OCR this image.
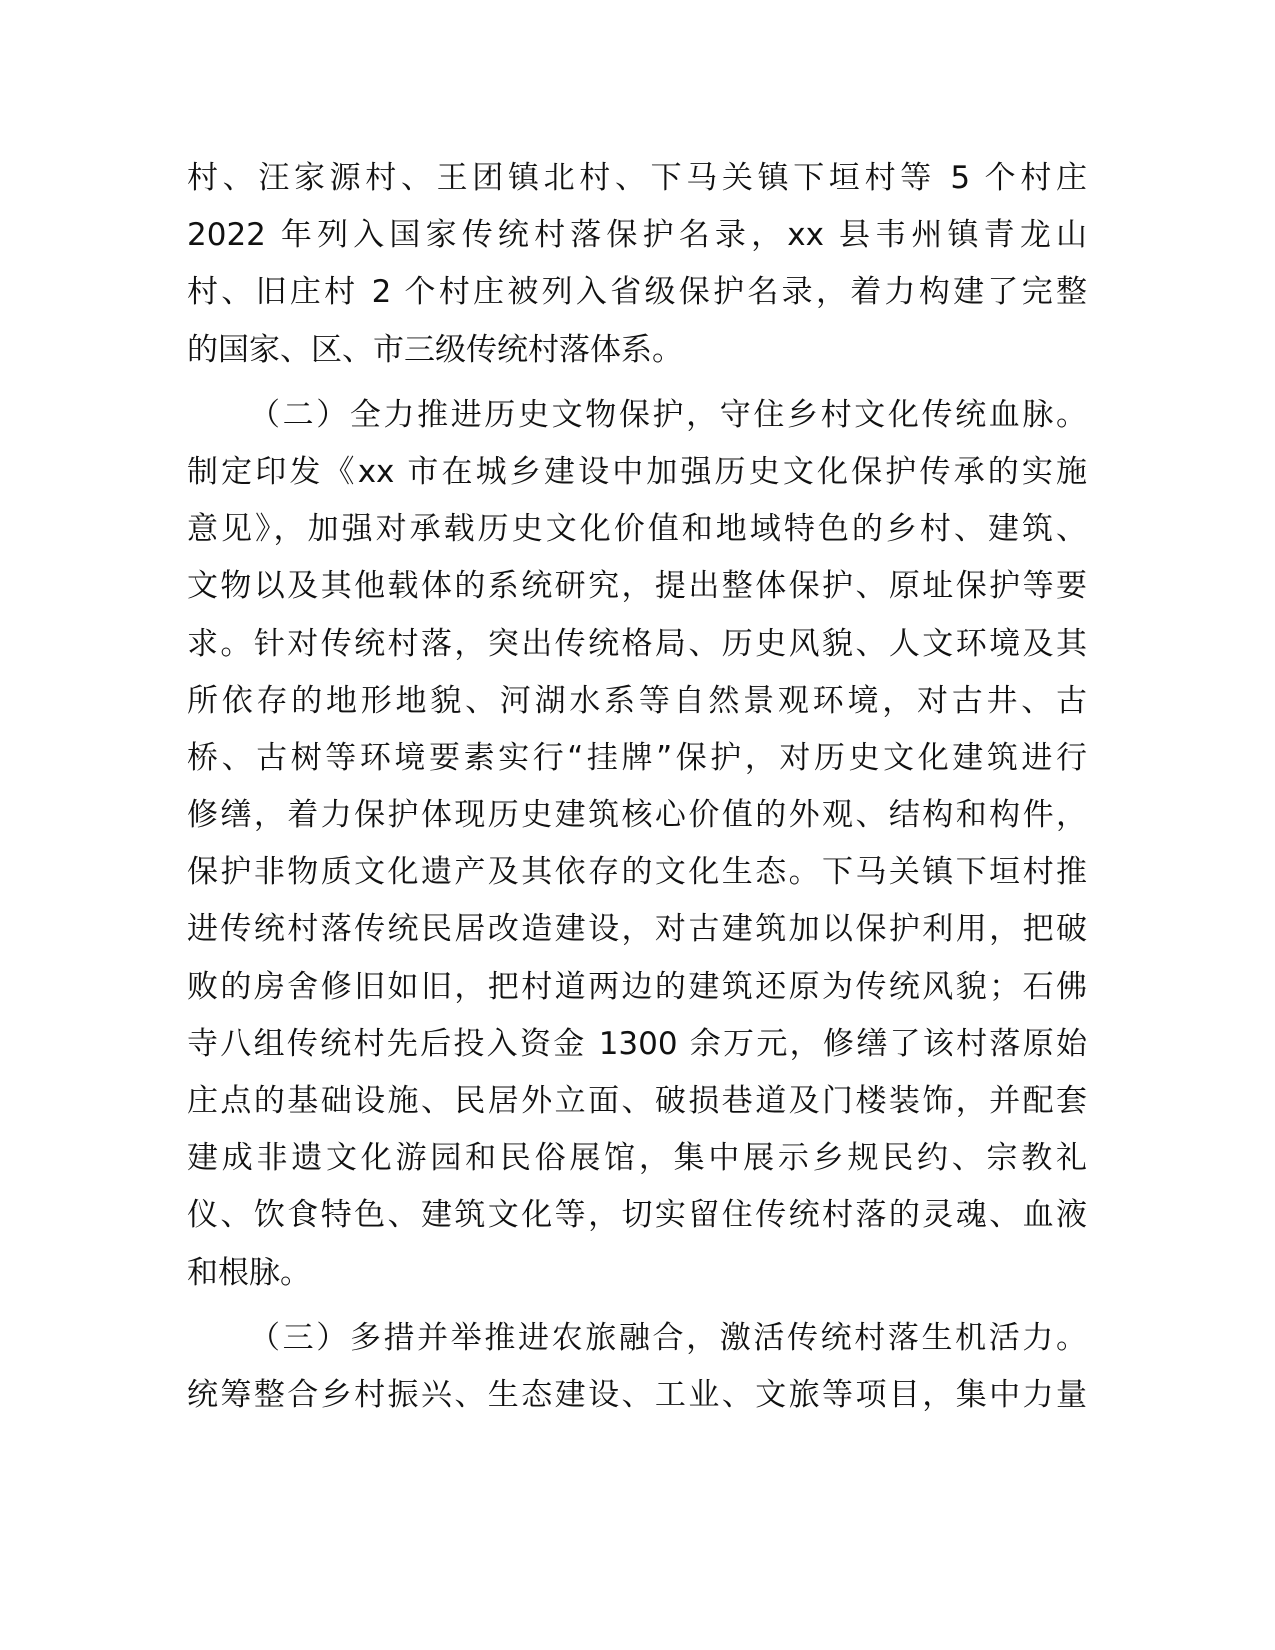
村、汪家源村、王团镇北村、下马关镇下垣村等 5 个村庄
2022 年列入国家传统村落保护名录，xx 县韦州镇青龙山
村、旧庄村 2 个村庄被列入省级保护名录，着力构建了完整
的国家、区、市三级传统村落体系。
（二）全力推进历史文物保护，守住乡村文化传统血脉。
制定印发《xx 市在城乡建设中加强历史文化保护传承的实施
意见》，加强对承载历史文化价值和地域特色的乡村、建筑、
文物以及其他载体的系统研究，提出整体保护、原址保护等要
求。针对传统村落，突出传统格局、历史风貌、人文环境及其
所依存的地形地貌、河湖水系等自然景观环境，对古井、古
桥、古树等环境要素实行“挂牌”保护，对历史文化建筑进行
修缮，着力保护体现历史建筑核心价值的外观、结构和构件，
保护非物质文化遗产及其依存的文化生态。下马关镇下垣村推
进传统村落传统民居改造建设，对古建筑加以保护利用，把破
败的房舍修旧如旧，把村道两边的建筑还原为传统风貌；石佛
寺八组传统村先后投入资金 1300 余万元，修缮了该村落原始
庄点的基础设施、民居外立面、破损巷道及门楼装饰，并配套
建成非遗文化游园和民俗展馆，集中展示乡规民约、宗教礼
仪、饮食特色、建筑文化等，切实留住传统村落的灵魂、血液
和根脉。
（三）多措并举推进农旅融合，激活传统村落生机活力。
统筹整合乡村振兴、生态建设、工业、文旅等项目，集中力量
